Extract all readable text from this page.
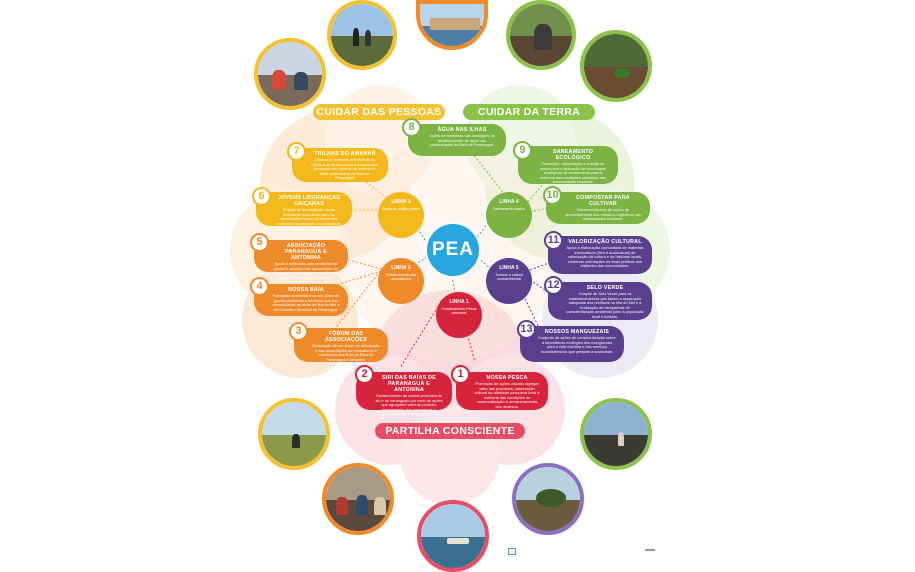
CUIDAR DAS PESSOAS	CUIDAR DA TERRA
PARTILHA CONSCIENTE
PEA
LINHA 1
Fortalecimento Pesca artesanal
LINHA 2
Fortalecimento das associações
LINHA 3
Apoio ao público jovem
LINHA 4
Saneamento básico
LINHA 5
Turismo e cultura socioambiental
NOSSA PESCA
Promoção de ações visando agregar valor aos pescados, valorização cultural da atividade pesqueira local e melhoria das condições de comercialização e armazenamento dos recursos.
1
SIRI DAS BAÍAS DE PARANAGUÁ E ANTONINA
Fortalecimento da cadeia produtiva do siri e do caranguejo por meio de ações que agreguem valor ao produto, engajamento dos pescadores e organização das etapas produtivas.
2
FÓRUM DAS ASSOCIAÇÕES
Realização de um fórum de articulação e das associações de pescadores e moradores das ilhas da Baía de Paranaguá e Antonina.
3
NOSSA BAÍA
Formação ambiental e de um plano de gestão ambiental e territorial dos das comunidades ao redor da ilha do Mel e do Conselho Estadual de Paranaguá.
4
ASSOCIAÇÃO PARANAGUÁ E ANTONINA
Apoio a melhorias nas condições de gestão e atuação das associações de pescadores e moradores nas ilhas da Baía de Paranaguá e Antonina.
5
JOVENS LIDERANÇAS CAIÇARAS
Projeto de formação de novas lideranças para atuar junto às associações locais na busca das melhorias necessárias à comunidade.
6
TRILHAS DO AMANHÃ
Oficinas e vivências envolvendo as trilhas e os atrativos das comunidades, pensando em roteiros de turismo de base comunitária na Baía de Paranaguá.
7
ÁGUA NAS ILHAS
Ações de melhorias nas condições de abastecimento de água nas comunidades da Baía de Paranaguá.
8
SANEAMENTO ECOLÓGICO
Promoção, capacitação e criação de meios para a aplicação de tecnologias ecológicas de saneamento para a melhoria das condições sanitárias das comunidades insulares.
9
COMPOSTAR PARA CULTIVAR
Desenvolvimento de ações de aproveitamento dos resíduos orgânicos nas comunidades insulares.
10
VALORIZAÇÃO CULTURAL
Apoio à elaboração comunitária de materiais informativos (livro e audiovisual) de valorização da cultura e de histórias locais, contendo orientações de boas práticas aos visitantes das comunidades.
11
SELO VERDE
Criação de Selo Verde para os estabelecimentos que fazem a separação adequada dos resíduos na Ilha do Mel e a realização de campanhas de conscientização ambiental junto à população local e turistas.
12
NOSSOS MANGUEZAIS
Conjunto de ações de conscientização sobre a importância ecológica dos manguezais para a vida marinha e dos serviços ecossistêmicos que prestam à sociedade.
13
